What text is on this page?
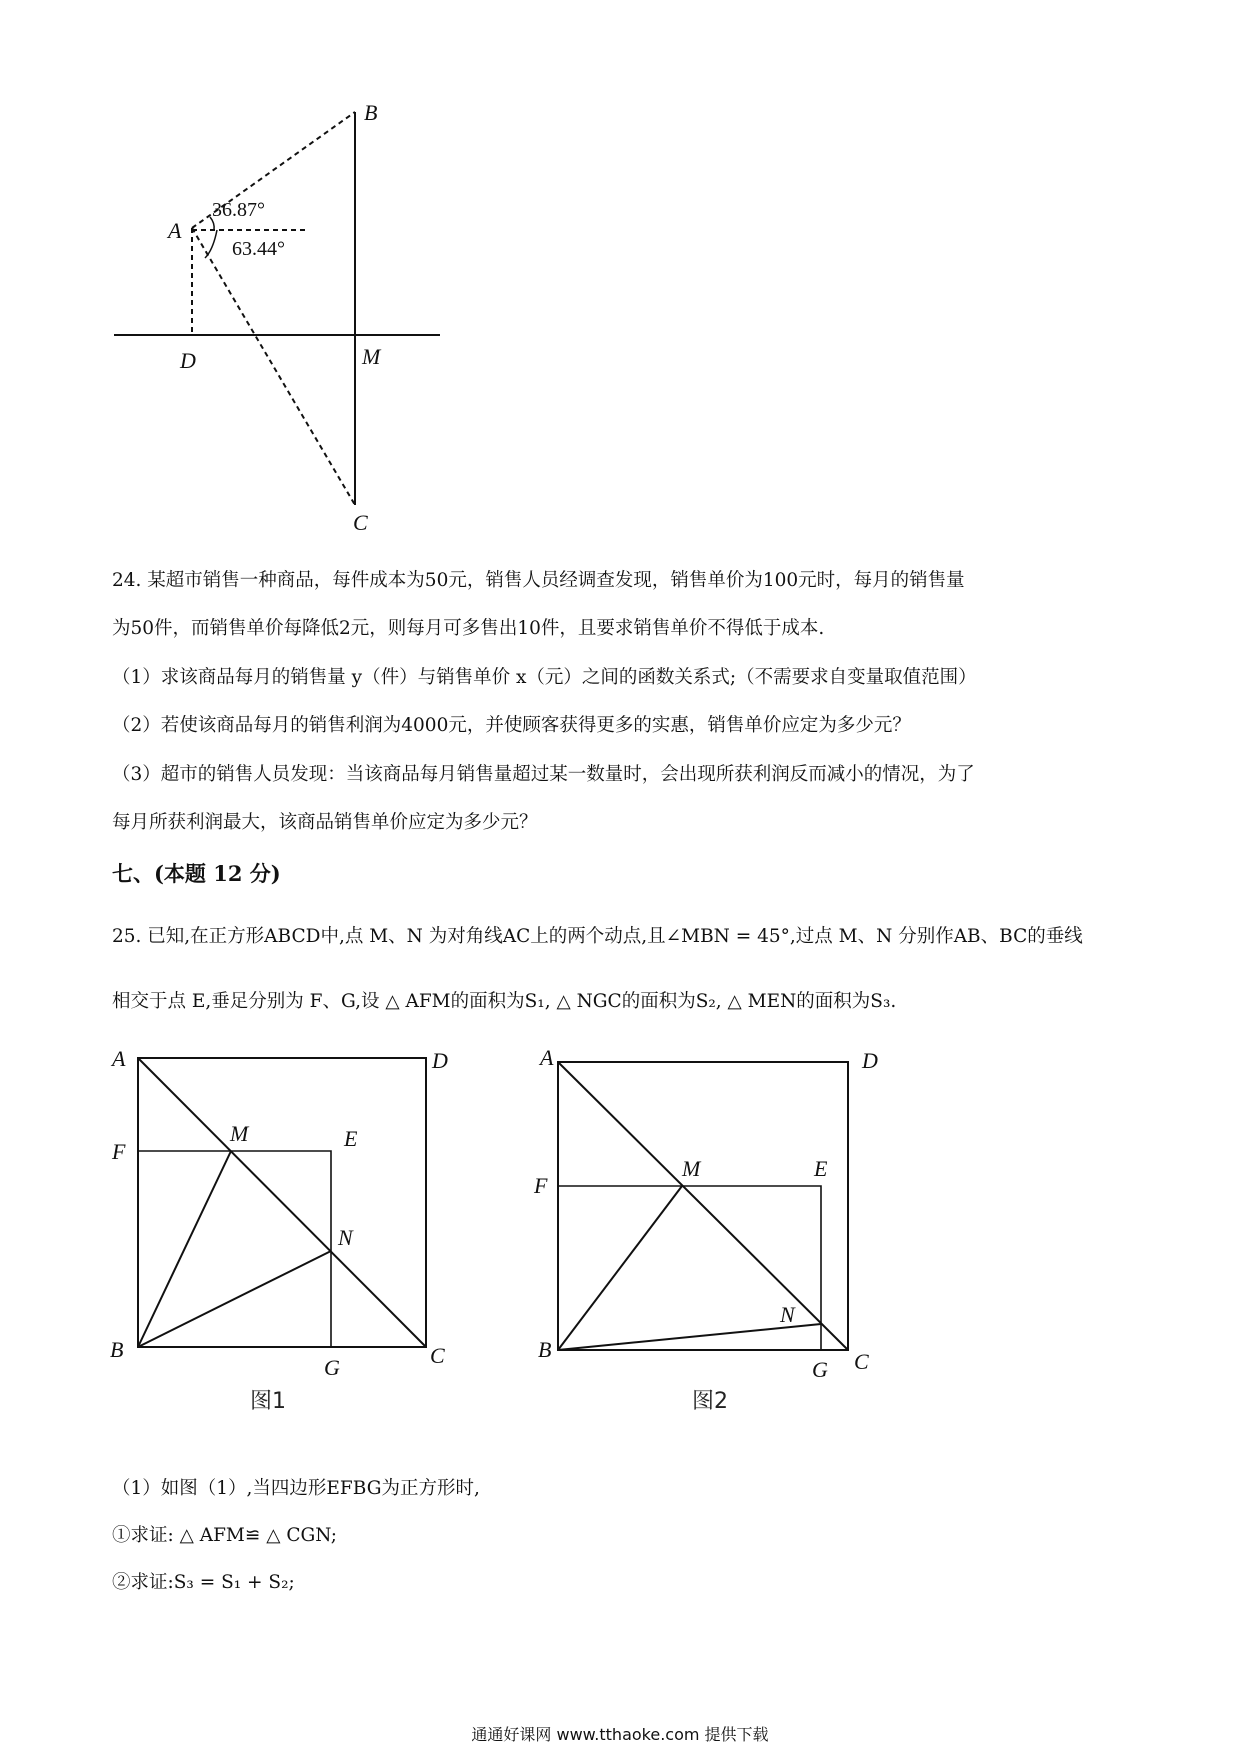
B
A
D	M
C
36.87°
63.44°
24. 某超市销售一种商品，每件成本为50元，销售人员经调查发现，销售单价为100元时，每月的销售量
为50件，而销售单价每降低2元，则每月可多售出10件，且要求销售单价不得低于成本.
（1）求该商品每月的销售量 y（件）与销售单价 x（元）之间的函数关系式;（不需要求自变量取值范围）
（2）若使该商品每月的销售利润为4000元，并使顾客获得更多的实惠，销售单价应定为多少元？
（3）超市的销售人员发现：当该商品每月销售量超过某一数量时，会出现所获利润反而减小的情况，为了
每月所获利润最大，该商品销售单价应定为多少元？
七、(本题 12 分)
25. 已知,在正方形ABCD中,点 M、N 为对角线AC上的两个动点,且∠MBN = 45°,过点 M、N 分别作AB、BC的垂线
相交于点 E,垂足分别为 F、G,设 △ AFM的面积为S₁, △ NGC的面积为S₂, △ MEN的面积为S₃.
A	D
F
M	E
N
B
G	C
图1
A	D
F
M	E
N
B
G C
图2
（1）如图（1）,当四边形EFBG为正方形时,
①求证: △ AFM≌ △ CGN;
②求证:S₃ = S₁ + S₂;
通通好课网 www.tthaoke.com 提供下载
